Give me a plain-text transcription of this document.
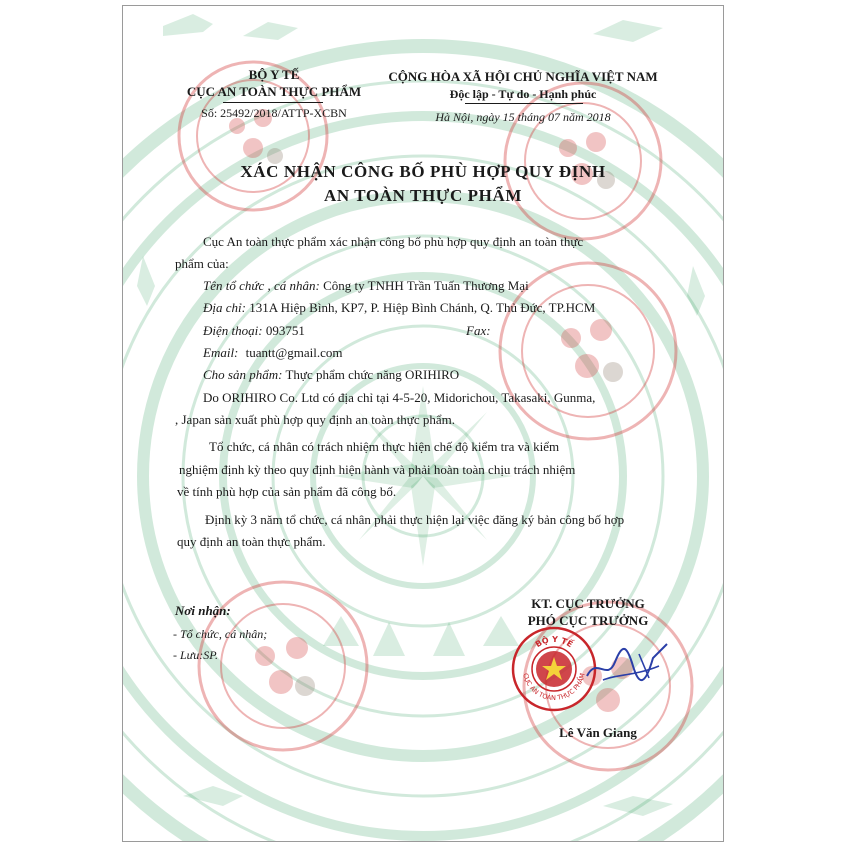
BỘ Y TẾ
CỤC AN TOÀN THỰC PHẨM
Số: 25492/2018/ATTP-XCBN
CỘNG HÒA XÃ HỘI CHỦ NGHĨA VIỆT NAM
Độc lập - Tự do - Hạnh phúc
Hà Nội, ngày 15 tháng 07 năm 2018
XÁC NHẬN CÔNG BỐ PHÙ HỢP QUY ĐỊNH
AN TOÀN THỰC PHẨM
Cục An toàn thực phẩm xác nhận công bố phù hợp quy định an toàn thực
phẩm của:
Tên tổ chức , cá nhân: Công ty TNHH Trần Tuấn Thương Mại
Địa chỉ: 131A Hiệp Bình, KP7, P. Hiệp Bình Chánh, Q. Thủ Đức, TP.HCM
Điện thoại: 093751	Fax:
Email: tuantt@gmail.com
Cho sản phẩm: Thực phẩm chức năng ORIHIRO
Do ORIHIRO Co. Ltd có địa chỉ tại 4-5-20, Midorichou, Takasaki, Gunma,
, Japan sản xuất phù hợp quy định an toàn thực phẩm.
Tổ chức, cá nhân có trách nhiệm thực hiện chế độ kiểm tra và kiểm
nghiệm định kỳ theo quy định hiện hành và phải hoàn toàn chịu trách nhiệm
về tính phù hợp của sản phẩm đã công bố.
Định kỳ 3 năm tổ chức, cá nhân phải thực hiện lại việc đăng ký bản công bố hợp
quy định an toàn thực phẩm.
Nơi nhận:
- Tổ chức, cá nhân;
- Lưu:SP.
KT. CỤC TRƯỞNG
PHÓ CỤC TRƯỞNG
BỘ Y TẾ
CỤC AN TOÀN THỰC PHẨM
Lê Văn Giang
